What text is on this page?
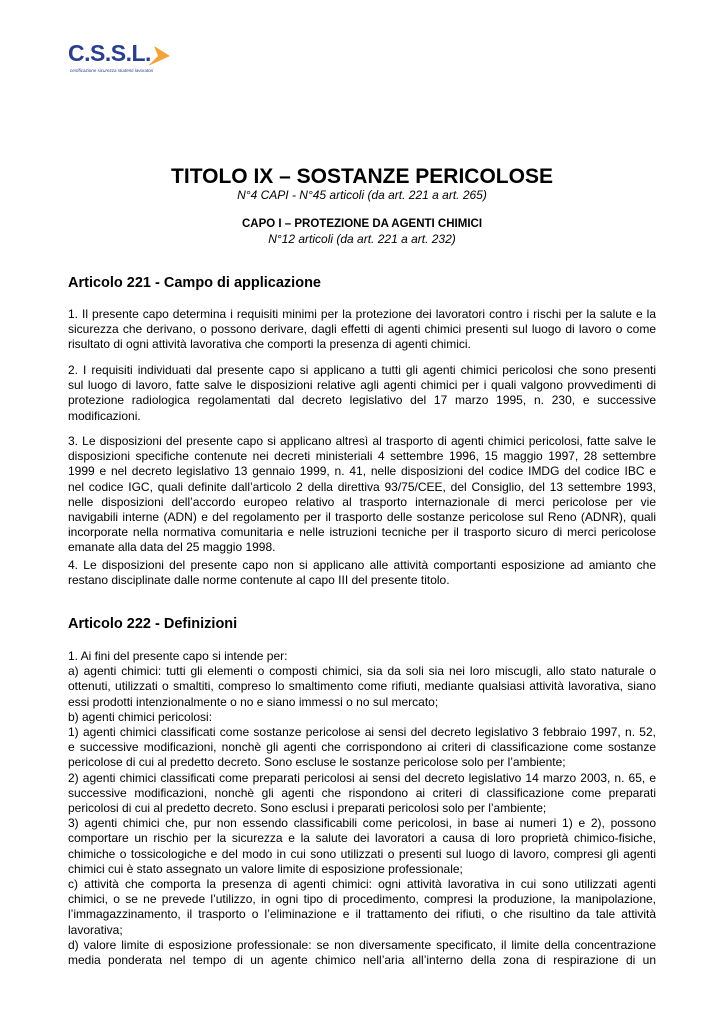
C.S.S.L.
certificazione sicurezza studenti lavoratori
TITOLO IX – SOSTANZE PERICOLOSE
N°4 CAPI - N°45 articoli (da art. 221 a art. 265)
CAPO I – PROTEZIONE DA AGENTI CHIMICI
N°12 articoli (da art. 221 a art. 232)
Articolo 221 - Campo di applicazione
1. Il presente capo determina i requisiti minimi per la protezione dei lavoratori contro i rischi per la salute e la
sicurezza che derivano, o possono derivare, dagli effetti di agenti chimici presenti sul luogo di lavoro o come
risultato di ogni attività lavorativa che comporti la presenza di agenti chimici.
2. I requisiti individuati dal presente capo si applicano a tutti gli agenti chimici pericolosi che sono presenti
sul luogo di lavoro, fatte salve le disposizioni relative agli agenti chimici per i quali valgono provvedimenti di
protezione radiologica regolamentati dal decreto legislativo del 17 marzo 1995, n. 230, e successive
modificazioni.
3. Le disposizioni del presente capo si applicano altresì al trasporto di agenti chimici pericolosi, fatte salve le
disposizioni specifiche contenute nei decreti ministeriali 4 settembre 1996, 15 maggio 1997, 28 settembre
1999 e nel decreto legislativo 13 gennaio 1999, n. 41, nelle disposizioni del codice IMDG del codice IBC e
nel codice IGC, quali definite dall’articolo 2 della direttiva 93/75/CEE, del Consiglio, del 13 settembre 1993,
nelle disposizioni dell’accordo europeo relativo al trasporto internazionale di merci pericolose per vie
navigabili interne (ADN) e del regolamento per il trasporto delle sostanze pericolose sul Reno (ADNR), quali
incorporate nella normativa comunitaria e nelle istruzioni tecniche per il trasporto sicuro di merci pericolose
emanate alla data del 25 maggio 1998.
4. Le disposizioni del presente capo non si applicano alle attività comportanti esposizione ad amianto che
restano disciplinate dalle norme contenute al capo III del presente titolo.
Articolo 222 - Definizioni
1. Ai fini del presente capo si intende per:
a) agenti chimici: tutti gli elementi o composti chimici, sia da soli sia nei loro miscugli, allo stato naturale o
ottenuti, utilizzati o smaltiti, compreso lo smaltimento come rifiuti, mediante qualsiasi attività lavorativa, siano
essi prodotti intenzionalmente o no e siano immessi o no sul mercato;
b) agenti chimici pericolosi:
1) agenti chimici classificati come sostanze pericolose ai sensi del decreto legislativo 3 febbraio 1997, n. 52,
e successive modificazioni, nonchè gli agenti che corrispondono ai criteri di classificazione come sostanze
pericolose di cui al predetto decreto. Sono escluse le sostanze pericolose solo per l’ambiente;
2) agenti chimici classificati come preparati pericolosi ai sensi del decreto legislativo 14 marzo 2003, n. 65, e
successive modificazioni, nonchè gli agenti che rispondono ai criteri di classificazione come preparati
pericolosi di cui al predetto decreto. Sono esclusi i preparati pericolosi solo per l’ambiente;
3) agenti chimici che, pur non essendo classificabili come pericolosi, in base ai numeri 1) e 2), possono
comportare un rischio per la sicurezza e la salute dei lavoratori a causa di loro proprietà chimico-fisiche,
chimiche o tossicologiche e del modo in cui sono utilizzati o presenti sul luogo di lavoro, compresi gli agenti
chimici cui è stato assegnato un valore limite di esposizione professionale;
c) attività che comporta la presenza di agenti chimici: ogni attività lavorativa in cui sono utilizzati agenti
chimici, o se ne prevede l’utilizzo, in ogni tipo di procedimento, compresi la produzione, la manipolazione,
l’immagazzinamento, il trasporto o l’eliminazione e il trattamento dei rifiuti, o che risultino da tale attività
lavorativa;
d) valore limite di esposizione professionale: se non diversamente specificato, il limite della concentrazione
media ponderata nel tempo di un agente chimico nell’aria all’interno della zona di respirazione di un
